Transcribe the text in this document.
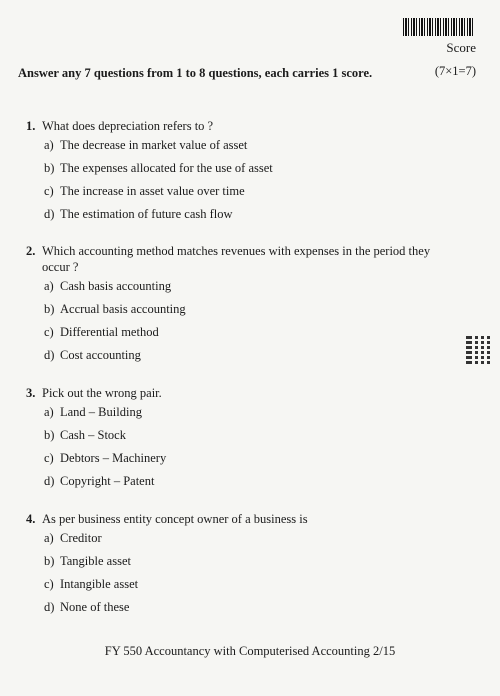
Score
Answer any 7 questions from 1 to 8 questions, each carries 1 score.	(7×1=7)
1. What does depreciation refers to ?
a) The decrease in market value of asset
b) The expenses allocated for the use of asset
c) The increase in asset value over time
d) The estimation of future cash flow
2. Which accounting method matches revenues with expenses in the period they occur ?
a) Cash basis accounting
b) Accrual basis accounting
c) Differential method
d) Cost accounting
3. Pick out the wrong pair.
a) Land – Building
b) Cash – Stock
c) Debtors – Machinery
d) Copyright – Patent
4. As per business entity concept owner of a business is
a) Creditor
b) Tangible asset
c) Intangible asset
d) None of these
FY 550 Accountancy with Computerised Accounting 2/15
